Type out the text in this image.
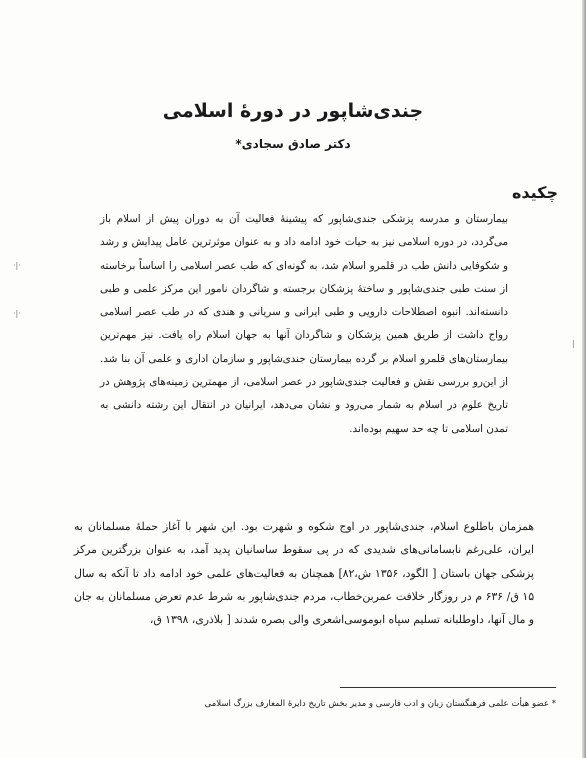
·|·
·|·
|
جندی‌شاپور در دورهٔ اسلامی
دکتر صادق سجادی*
چکیده
بیمارستان و مدرسه پزشکی جندی‌شاپور که پیشینهٔ فعالیت آن به دوران پیش از اسلام باز می‌گردد، در دوره اسلامی نیز به حیات خود ادامه داد و به عنوان موثرترین عامل پیدایش و رشد و شکوفایی دانش طب در قلمرو اسلام شد، به گونه‌ای که طب عصر اسلامی را اساساً برخاسته از سنت طبی جندی‌شاپور و ساختهٔ پزشکان برجسته و شاگردان نامور این مرکز علمی و طبی دانسته‌اند. انبوه اصطلاحات دارویی و طبی ایرانی و سریانی و هندی که در طب عصر اسلامی رواج داشت از طریق همین پزشکان و شاگردان آنها به جهان اسلام راه یافت. نیز مهم‌ترین بیمارستان‌های قلمرو اسلام بر گرده بیمارستان جندی‌شاپور و سازمان اداری و علمی آن بنا شد. از این‌رو بررسی نقش و فعالیت جندی‌شاپور در عصر اسلامی، از مهمترین زمینه‌های پژوهش در تاریخ علوم در اسلام به شمار می‌رود و نشان می‌دهد، ایرانیان در انتقال این رشته دانشی به تمدن اسلامی تا چه حد سهیم بوده‌اند.
همزمان باطلوع اسلام، جندی‌شاپور در اوج شکوه و شهرت بود. این شهر با آغاز حملهٔ مسلمانان به ایران، علی‌رغم نابسامانی‌های شدیدی که در پی سقوط ساسانیان پدید آمد، به عنوان بزرگترین مرکز پزشکی جهان باستان [ الگود، ۱۳۵۶ ش،۸۲] همچنان به فعالیت‌های علمی خود ادامه داد تا آنکه به سال ۱۵ ق/ ۶۳۶ م در روزگار خلافت عمربن‌خطاب، مردم جندی‌شاپور به شرط عدم تعرض مسلمانان به جان و مال آنها، داوطلبانه تسلیم سپاه ابوموسی‌اشعری والی بصره شدند [ بلاذری، ۱۳۹۸ ق،
* عضو هیأت علمی فرهنگستان زبان و ادب فارسی و مدیر بخش تاریخ دایرهٔ المعارف بزرگ اسلامی
